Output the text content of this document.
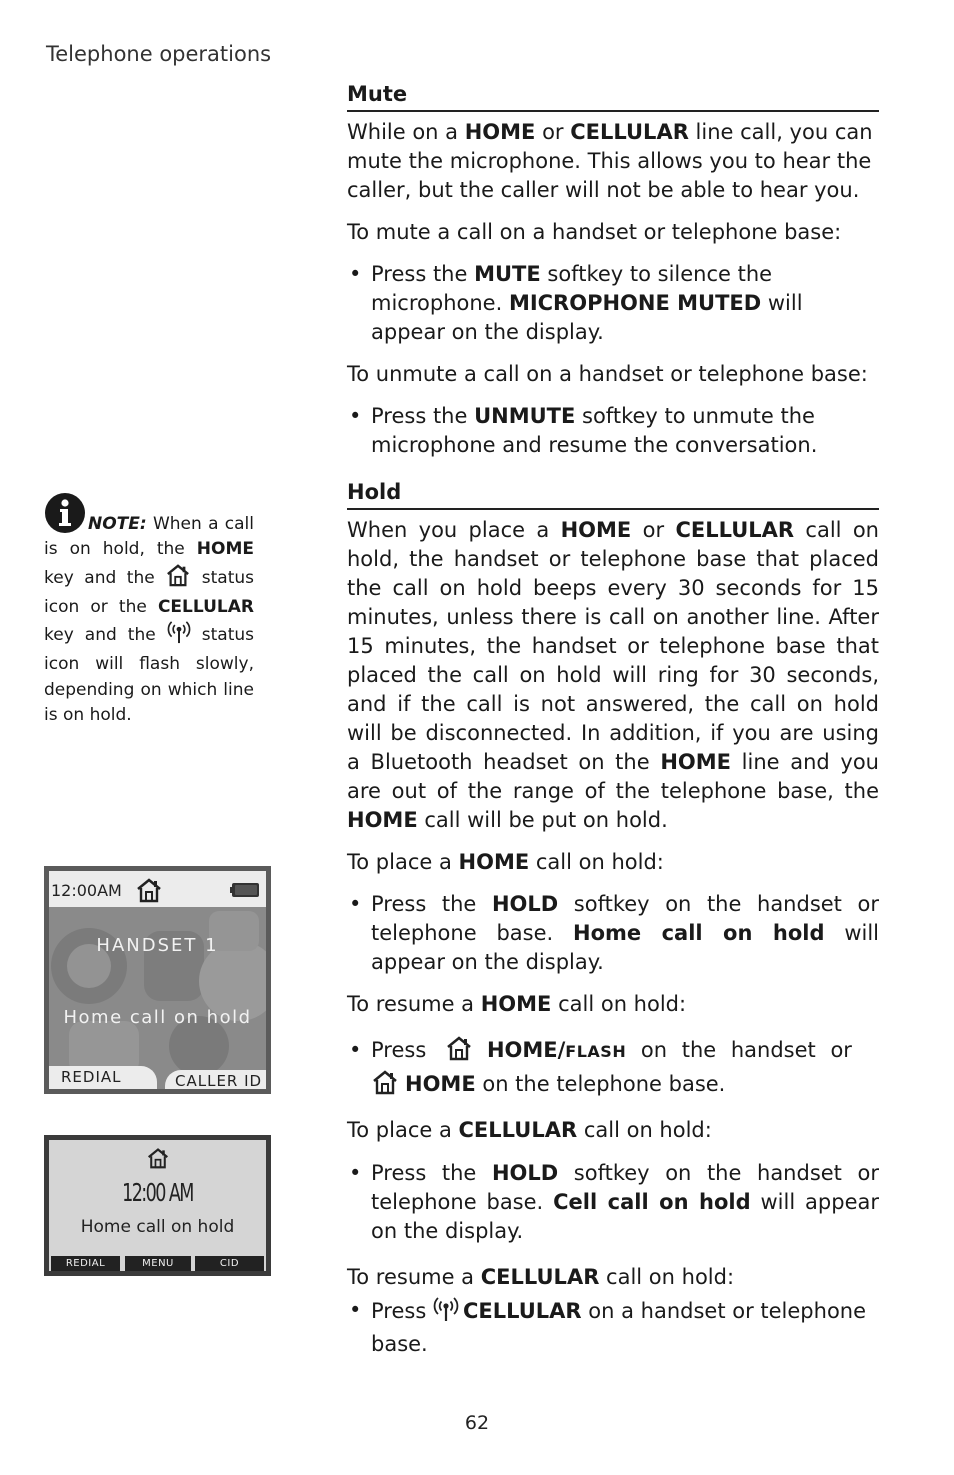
Telephone operations
Mute

While on a HOME or CELLULAR line call, you can mute the microphone. This allows you to hear the caller, but the caller will not be able to hear you.

To mute a call on a handset or telephone base:

• Press the MUTE softkey to silence the microphone. MICROPHONE MUTED will appear on the display.

To unmute a call on a handset or telephone base:

• Press the UNMUTE softkey to unmute the microphone and resume the conversation.
Hold

When you place a HOME or CELLULAR call on hold, the handset or telephone base that placed the call on hold beeps every 30 seconds for 15 minutes, unless there is call on another line. After 15 minutes, the handset or telephone base that placed the call on hold will ring for 30 seconds, and if the call is not answered, the call on hold will be disconnected. In addition, if you are using a Bluetooth headset on the HOME line and you are out of the range of the telephone base, the HOME call will be put on hold.

To place a HOME call on hold:

• Press the HOLD softkey on the handset or telephone base. Home call on hold will appear on the display.

To resume a HOME call on hold:

• Press	HOME/FLASH on the handset or
HOME on the telephone base.

To place a CELLULAR call on hold:

• Press the HOLD softkey on the handset or telephone base. Cell call on hold will appear on the display.

To resume a CELLULAR call on hold:

• Press CELLULAR on a handset or telephone base.
NOTE: When a call is on hold, the HOME key and the  status icon or the CELLULAR key and the  status icon will flash slowly, depending on which line is on hold.
12:00AM
HANDSET 1
Home call on hold
REDIAL	CALLER ID
12:00 AM
Home call on hold
REDIAL	MENU	CID
62
